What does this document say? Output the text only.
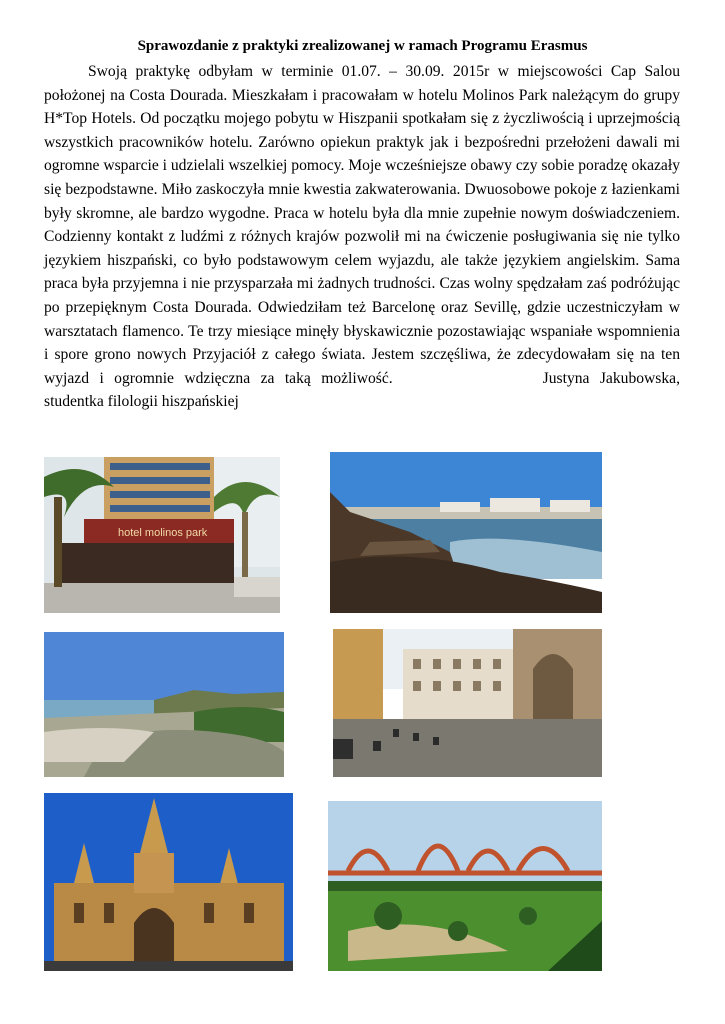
Sprawozdanie z praktyki zrealizowanej w ramach Programu Erasmus

Swoją praktykę odbyłam w terminie 01.07. – 30.09. 2015r w miejscowości Cap Salou położonej na Costa Dourada. Mieszkałam i pracowałam w hotelu Molinos Park należącym do grupy H*Top Hotels. Od początku mojego pobytu w Hiszpanii spotkałam się z życzliwością i uprzejmością wszystkich pracowników hotelu. Zarówno opiekun praktyk jak i bezpośredni przełożeni dawali mi ogromne wsparcie i udzielali wszelkiej pomocy. Moje wcześniejsze obawy czy sobie poradzę okazały się bezpodstawne. Miło zaskoczyła mnie kwestia zakwaterowania. Dwuosobowe pokoje z łazienkami były skromne, ale bardzo wygodne. Praca w hotelu była dla mnie zupełnie nowym doświadczeniem. Codzienny kontakt z ludźmi z różnych krajów pozwolił mi na ćwiczenie posługiwania się nie tylko językiem hiszpański, co było podstawowym celem wyjazdu, ale także językiem angielskim. Sama praca była przyjemna i nie przysparzała mi żadnych trudności. Czas wolny spędzałam zaś podróżując po przepięknym Costa Dourada. Odwiedziłam też Barcelonę oraz Sevillę, gdzie uczestniczyłam w warsztatach flamenco. Te trzy miesiące minęły błyskawicznie pozostawiając wspaniałe wspomnienia i spore grono nowych Przyjaciół z całego świata. Jestem szczęśliwa, że zdecydowałam się na ten wyjazd i ogromnie wdzięczna za taką możliwość.	Justyna Jakubowska, studentka filologii hiszpańskiej

hotel molinos park
